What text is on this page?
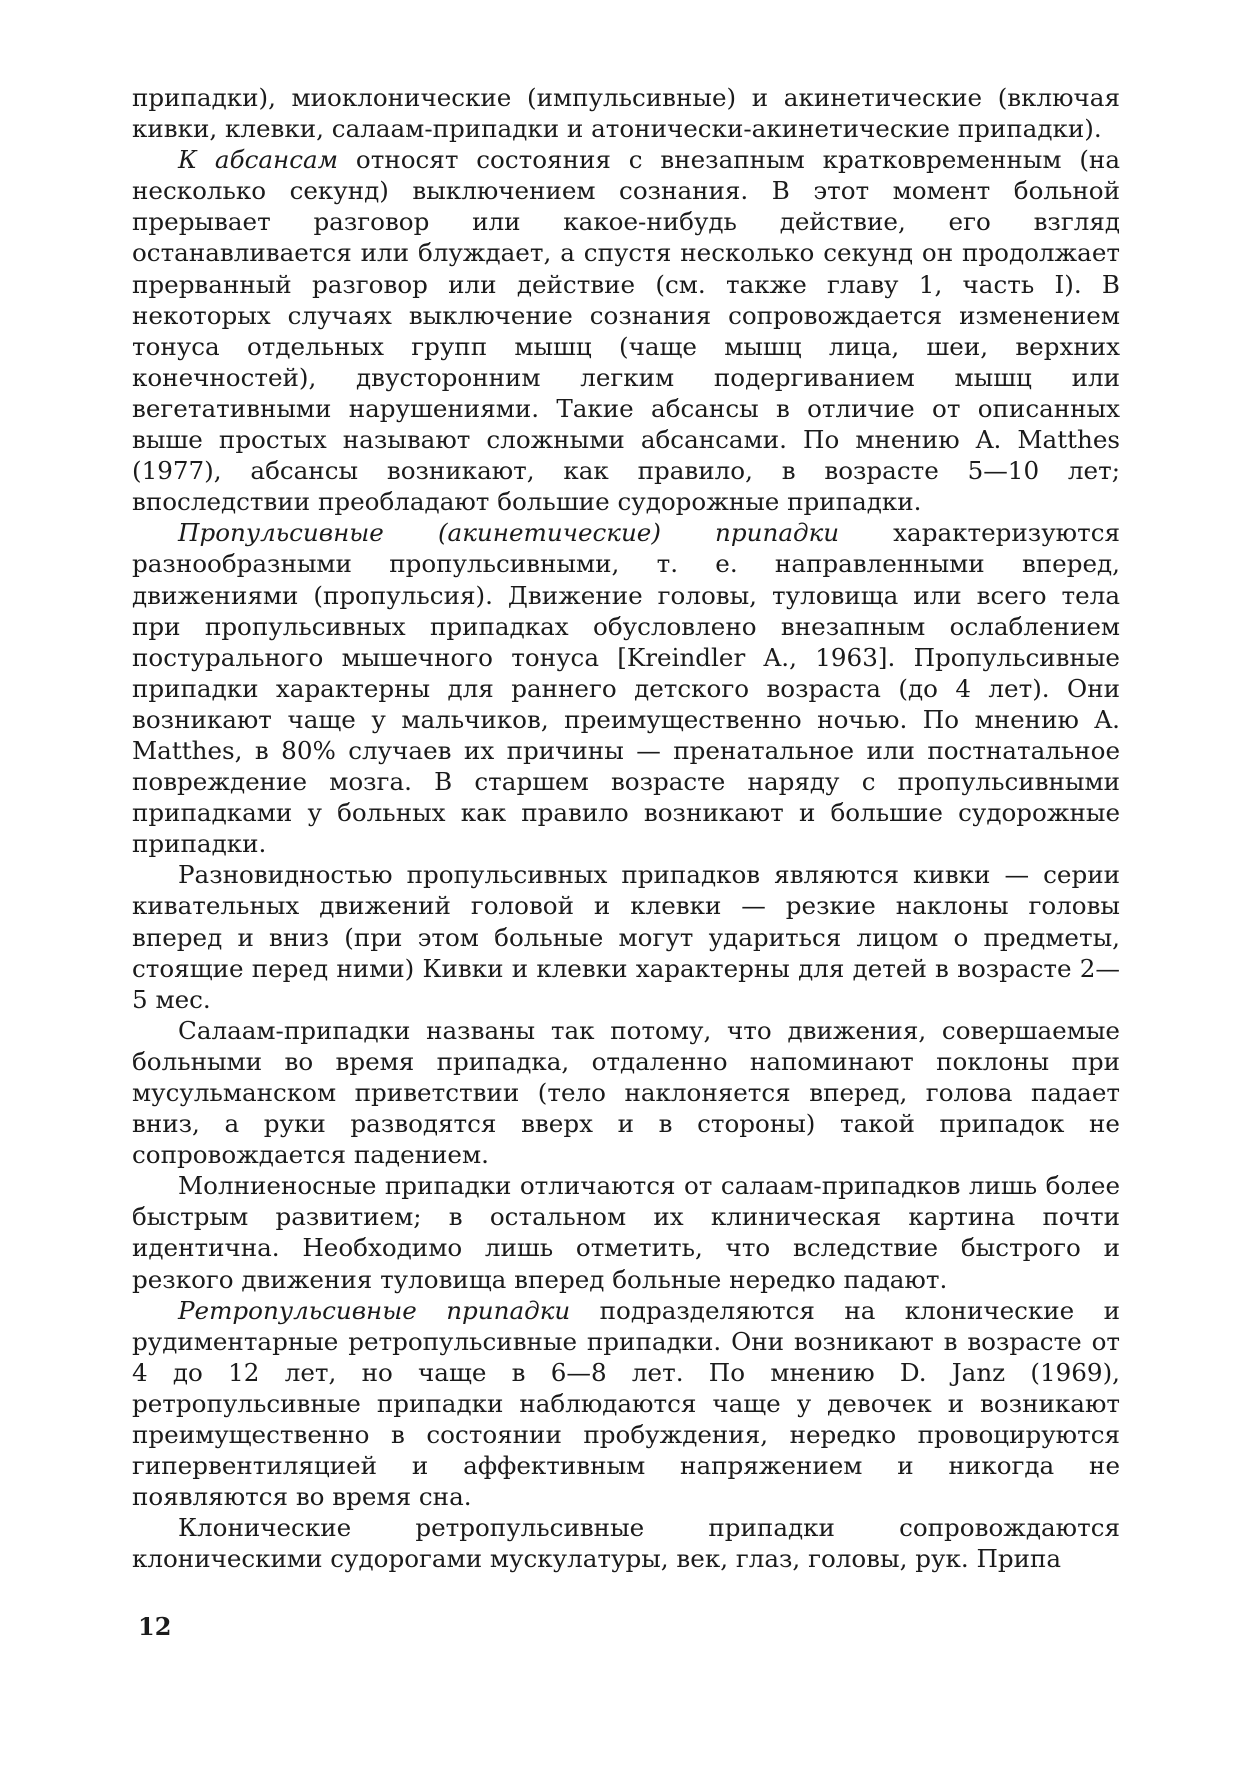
припадки), миоклонические (импульсивные) и акинетические (включая кивки, клевки, салаам-припадки и атонически-акинетические припадки).

К абсансам относят состояния с внезапным кратковременным (на несколько секунд) выключением сознания. В этот момент больной прерывает разговор или какое-нибудь действие, его взгляд останавливается или блуждает, а спустя несколько секунд он продолжает прерванный разговор или действие (см. также главу 1, часть I). В некоторых случаях выключение сознания сопровождается изменением тонуса отдельных групп мышц (чаще мышц лица, шеи, верхних конечностей), двусторонним легким подергиванием мышц или вегетативными нарушениями. Такие абсансы в отличие от описанных выше простых называют сложными абсансами. По мнению A. Matthes (1977), абсансы возникают, как правило, в возрасте 5—10 лет; впоследствии преобладают большие судорожные припадки.

Пропульсивные (акинетические) припадки характеризуются разнообразными пропульсивными, т. е. направленными вперед, движениями (пропульсия). Движение головы, туловища или всего тела при пропульсивных припадках обусловлено внезапным ослаблением постурального мышечного тонуса [Kreindler A., 1963]. Пропульсивные припадки характерны для раннего детского возраста (до 4 лет). Они возникают чаще у мальчиков, преимущественно ночью. По мнению A. Matthes, в 80% случаев их причины — пренатальное или постнатальное повреждение мозга. В старшем возрасте наряду с пропульсивными припадками у больных как правило возникают и большие судорожные припадки.

Разновидностью пропульсивных припадков являются кивки — серии кивательных движений головой и клевки — резкие наклоны головы вперед и вниз (при этом больные могут удариться лицом о предметы, стоящие перед ними) Кивки и клевки характерны для детей в возрасте 2—5 мес.

Салаам-припадки названы так потому, что движения, совершаемые больными во время припадка, отдаленно напоминают поклоны при мусульманском приветствии (тело наклоняется вперед, голова падает вниз, а руки разводятся вверх и в стороны) такой припадок не сопровождается падением.

Молниеносные припадки отличаются от салаам-припадков лишь более быстрым развитием; в остальном их клиническая картина почти идентична. Необходимо лишь отметить, что вследствие быстрого и резкого движения туловища вперед больные нередко падают.

Ретропульсивные припадки подразделяются на клонические и рудиментарные ретропульсивные припадки. Они возникают в возрасте от 4 до 12 лет, но чаще в 6—8 лет. По мнению D. Janz (1969), ретропульсивные припадки наблюдаются чаще у девочек и возникают преимущественно в состоянии пробуждения, нередко провоцируются гипервентиляцией и аффективным напряжением и никогда не появляются во время сна.

Клонические ретропульсивные припадки сопровождаются клоническими судорогами мускулатуры, век, глаз, головы, рук. Припа

12
